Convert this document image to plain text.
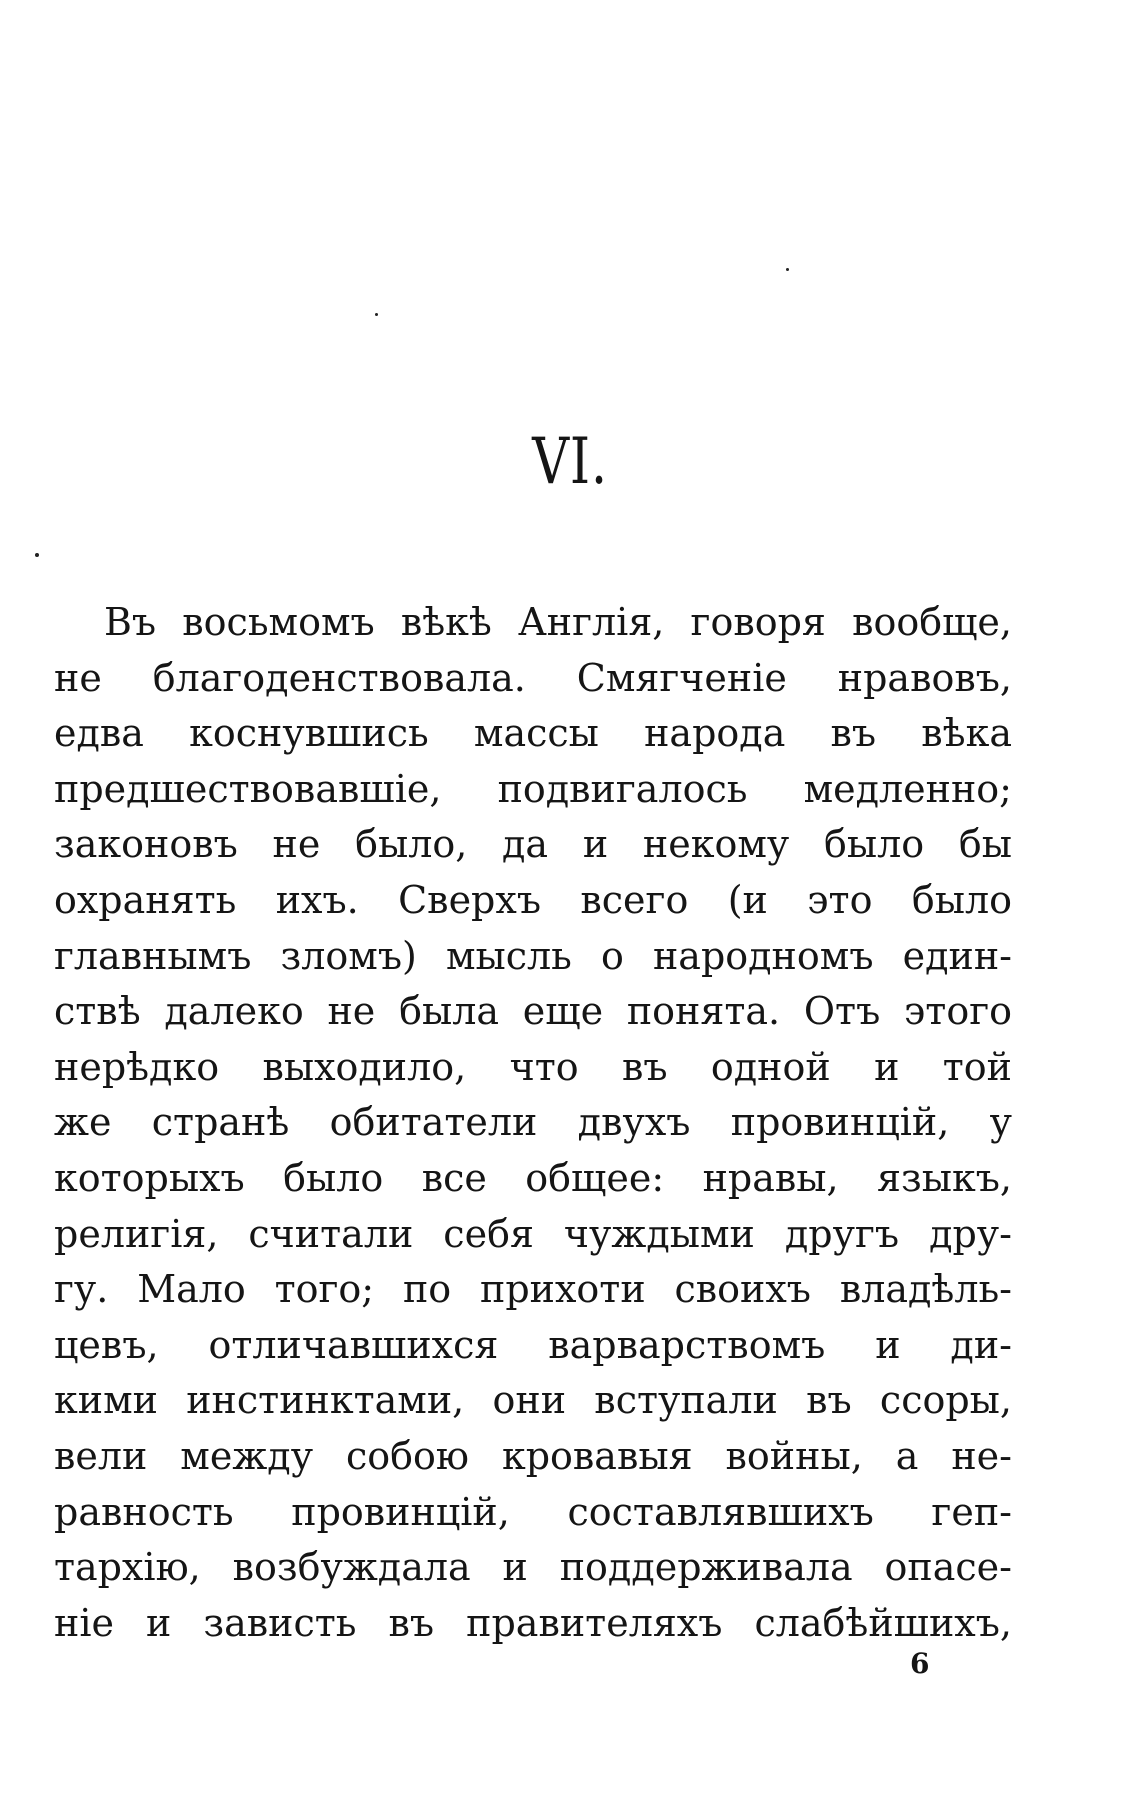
VI.
Въ восьмомъ вѣкѣ Англія, говоря вообще,
не благоденствовала. Смягченіе нравовъ,
едва коснувшись массы народа въ вѣка
предшествовавшіе, подвигалось медленно;
законовъ не было, да и некому было бы
охранять ихъ. Сверхъ всего (и это было
главнымъ зломъ) мысль о народномъ един-
ствѣ далеко не была еще понята. Отъ этого
нерѣдко выходило, что въ одной и той
же странѣ обитатели двухъ провинцій, у
которыхъ было все общее: нравы, языкъ,
религія, считали себя чуждыми другъ дру-
гу. Мало того; по прихоти своихъ владѣль-
цевъ, отличавшихся варварствомъ и ди-
кими инстинктами, они вступали въ ссоры,
вели между собою кровавыя войны, а не-
равность провинцій, составлявшихъ геп-
тархію, возбуждала и поддерживала опасе-
ніе и зависть въ правителяхъ слабѣйшихъ,
6
